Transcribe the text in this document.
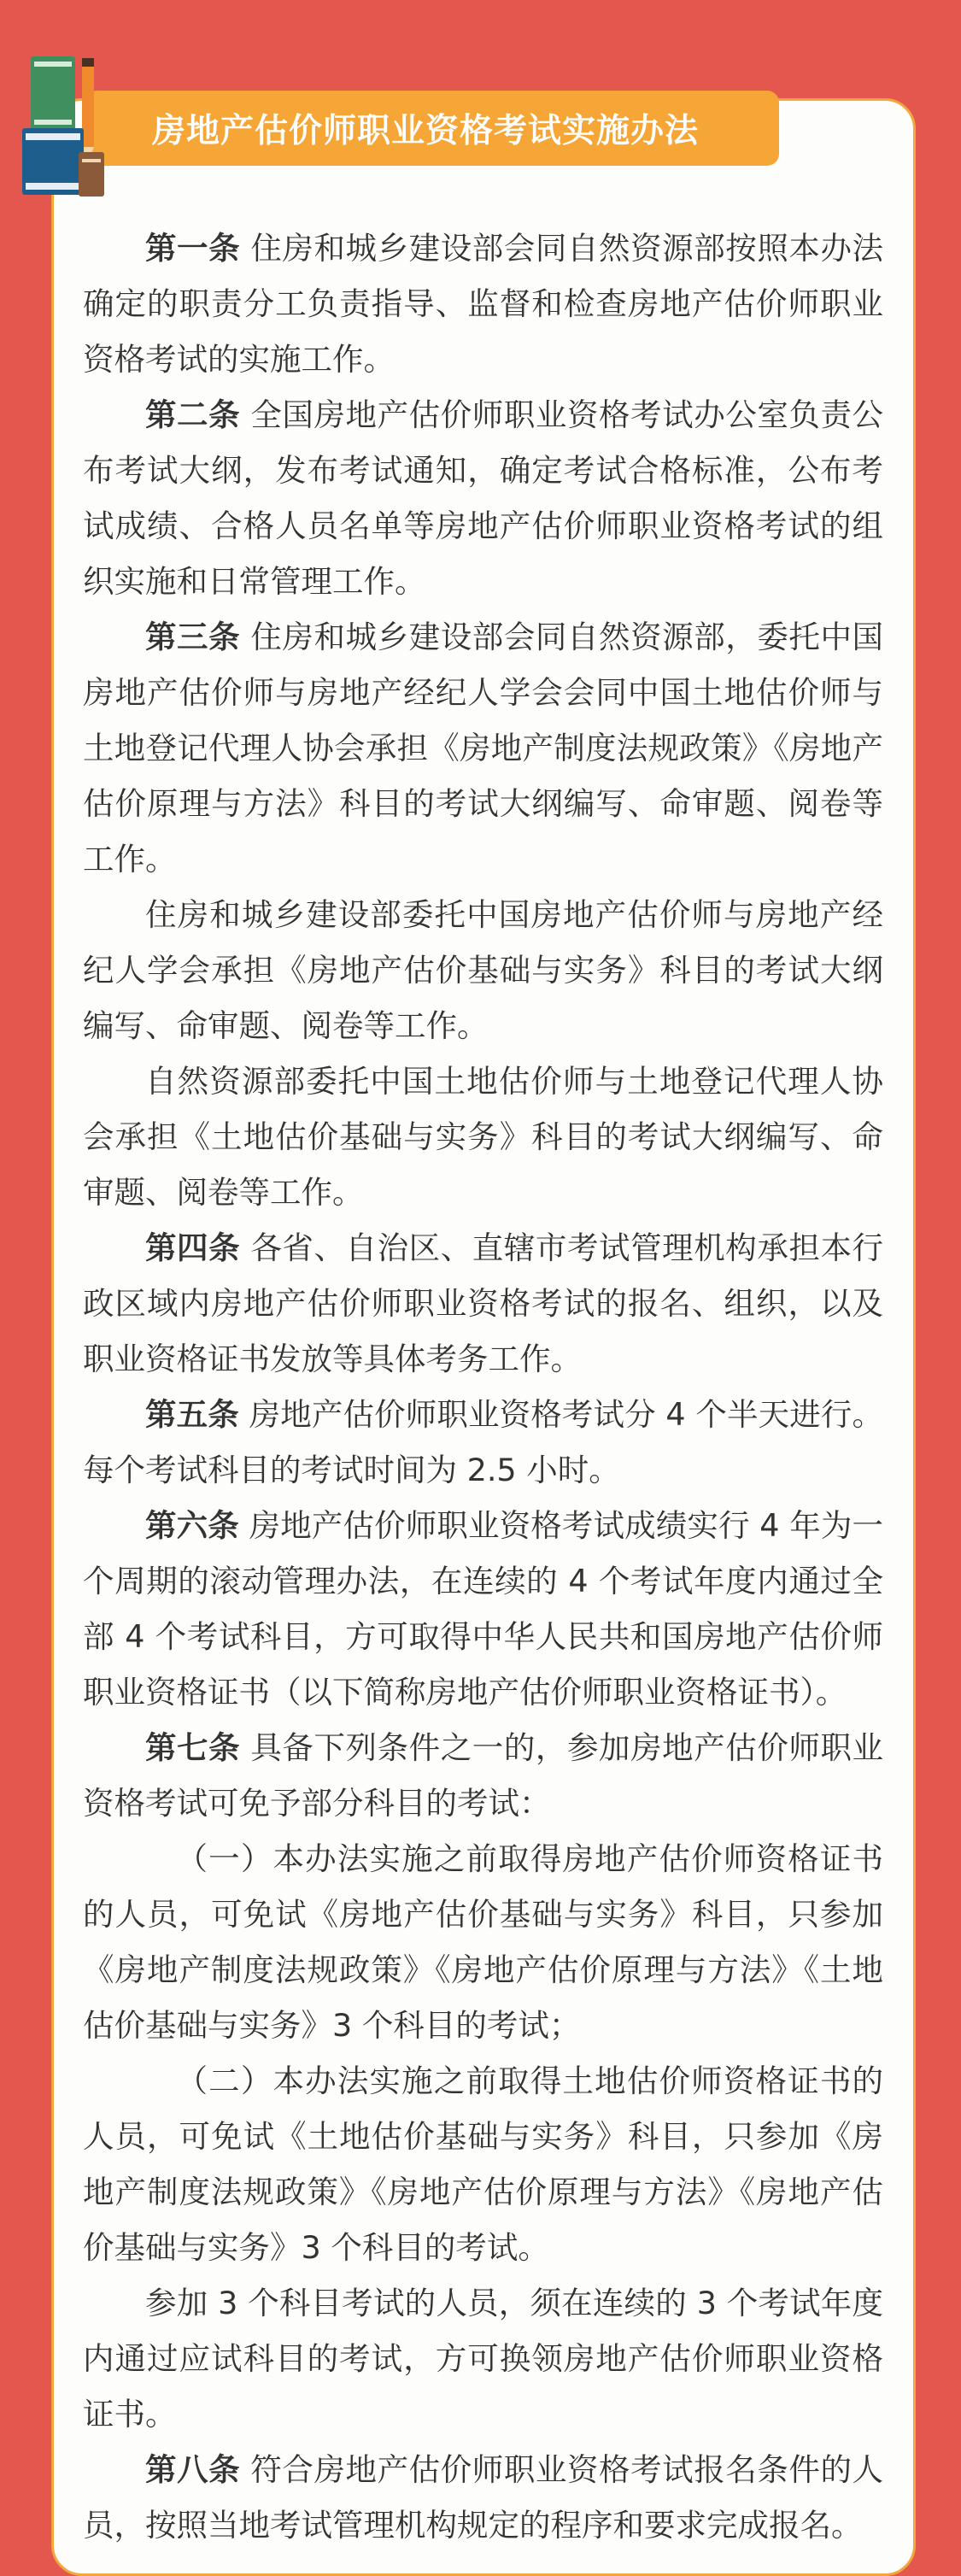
房地产估价师职业资格考试实施办法

第一条 住房和城乡建设部会同自然资源部按照本办法确定的职责分工负责指导、监督和检查房地产估价师职业资格考试的实施工作。

第二条 全国房地产估价师职业资格考试办公室负责公布考试大纲，发布考试通知，确定考试合格标准，公布考试成绩、合格人员名单等房地产估价师职业资格考试的组织实施和日常管理工作。

第三条 住房和城乡建设部会同自然资源部，委托中国房地产估价师与房地产经纪人学会会同中国土地估价师与土地登记代理人协会承担《房地产制度法规政策》《房地产估价原理与方法》科目的考试大纲编写、命审题、阅卷等工作。

住房和城乡建设部委托中国房地产估价师与房地产经纪人学会承担《房地产估价基础与实务》科目的考试大纲编写、命审题、阅卷等工作。

自然资源部委托中国土地估价师与土地登记代理人协会承担《土地估价基础与实务》科目的考试大纲编写、命审题、阅卷等工作。

第四条 各省、自治区、直辖市考试管理机构承担本行政区域内房地产估价师职业资格考试的报名、组织，以及职业资格证书发放等具体考务工作。

第五条 房地产估价师职业资格考试分 4 个半天进行。每个考试科目的考试时间为 2.5 小时。

第六条 房地产估价师职业资格考试成绩实行 4 年为一个周期的滚动管理办法，在连续的 4 个考试年度内通过全部 4 个考试科目，方可取得中华人民共和国房地产估价师职业资格证书（以下简称房地产估价师职业资格证书）。

第七条 具备下列条件之一的，参加房地产估价师职业资格考试可免予部分科目的考试：

（一）本办法实施之前取得房地产估价师资格证书的人员，可免试《房地产估价基础与实务》科目，只参加《房地产制度法规政策》《房地产估价原理与方法》《土地估价基础与实务》3 个科目的考试；

（二）本办法实施之前取得土地估价师资格证书的人员，可免试《土地估价基础与实务》科目，只参加《房地产制度法规政策》《房地产估价原理与方法》《房地产估价基础与实务》3 个科目的考试。

参加 3 个科目考试的人员，须在连续的 3 个考试年度内通过应试科目的考试，方可换领房地产估价师职业资格证书。

第八条 符合房地产估价师职业资格考试报名条件的人员，按照当地考试管理机构规定的程序和要求完成报名。
